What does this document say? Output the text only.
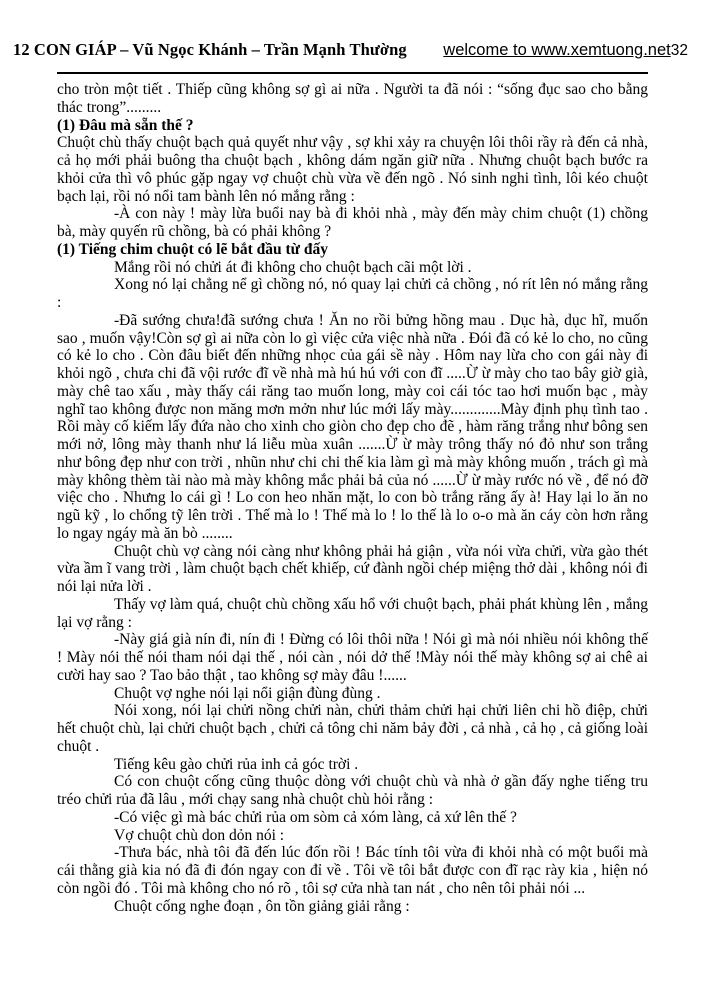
12 CON GIÁP – Vũ Ngọc Khánh – Trần Mạnh Thường welcome to www.xemtuong.net 32

cho tròn một tiết . Thiếp cũng không sợ gì ai nữa . Người ta đã nói : “sống đục sao cho bằng thác trong”.........

(1) Đâu mà sẵn thế ?

Chuột chù thấy chuột bạch quả quyết như vậy , sợ khi xảy ra chuyện lôi thôi rầy rà đến cả nhà, cả họ mới phải buông tha chuột bạch , không dám ngăn giữ nữa . Nhưng chuột bạch bước ra khỏi cửa thì vô phúc gặp ngay vợ chuột chù vừa về đến ngõ . Nó sinh nghi tình, lôi kéo chuột bạch lại, rồi nó nổi tam bành lên nó mắng rằng :

-À con này ! mày lừa buổi nay bà đi khỏi nhà , mày đến mày chim chuột (1) chồng bà, mày quyến rũ chồng, bà có phải không ?

(1) Tiếng chim chuột có lẽ bắt đầu từ đấy

Mắng rồi nó chửi át đi không cho chuột bạch cãi một lời .

Xong nó lại chẳng nể gì chồng nó, nó quay lại chửi cả chồng , nó rít lên nó mắng rằng :

-Đã sướng chưa!đã sướng chưa ! Ăn no rồi bửng hồng mau . Dục hà, dục hĩ, muốn sao , muốn vậy!Còn sợ gì ai nữa còn lo gì việc cửa việc nhà nữa . Đói đã có kẻ lo cho, no cũng có kẻ lo cho . Còn đâu biết đến những nhọc của gái sề này . Hôm nay lừa cho con gái này đi khỏi ngõ , chưa chi đã vội rước đĩ về nhà mà hú hú với con đĩ .....Ừ ừ mày cho tao bây giờ già, mày chê tao xấu , mày thấy cái răng tao muốn long, mày coi cái tóc tao hơi muốn bạc , mày nghĩ tao không được non măng mơn mởn như lúc mới lấy mày.............Mày định phụ tình tao . Rồi mày cố kiếm lấy đứa nào cho xinh cho giòn cho đẹp cho đẽ , hàm răng trắng như bông sen mới nở, lông mày thanh như lá liễu mùa xuân .......Ừ ừ mày trông thấy nó đỏ như son trắng như bông đẹp như con trời , nhũn như chi chi thế kia làm gì mà mày không muốn , trách gì mà mày không thèm tài nào mà mày không mắc phải bả của nó ......Ừ ừ mày rước nó về , để nó đỡ việc cho . Nhưng lo cái gì ! Lo con heo nhăn mặt, lo con bò trắng răng ấy à! Hay lại lo ăn no ngũ kỹ , lo chổng tỹ lên trời . Thế mà lo ! Thế mà lo ! lo thế là lo o-o mà ăn cáy còn hơn rằng lo ngay ngáy mà ăn bò ........

Chuột chù vợ càng nói càng như không phải hả giận , vừa nói vừa chửi, vừa gào thét vừa ầm ĩ vang trời , làm chuột bạch chết khiếp, cứ đành ngồi chép miệng thở dài , không nói đi nói lại nửa lời .

Thấy vợ làm quá, chuột chù chồng xấu hổ với chuột bạch, phải phát khùng lên , mắng lại vợ rằng :

-Này giá già nín đi, nín đi ! Đừng có lôi thôi nữa ! Nói gì mà nói nhiều nói không thế ! Mày nói thế nói tham nói dại thế , nói càn , nói dở thế !Mày nói thế mày không sợ ai chê ai cười hay sao ? Tao bảo thật , tao không sợ mày đâu !......

Chuột vợ nghe nói lại nổi giận đùng đùng .

Nói xong, nói lại chửi nồng chửi nàn, chửi thảm chửi hại chửi liên chi hồ điệp, chửi hết chuột chù, lại chửi chuột bạch , chửi cả tông chi năm bảy đời , cả nhà , cả họ , cả giống loài chuột .

Tiếng kêu gào chửi rủa inh cả góc trời .

Có con chuột cống cũng thuộc dòng với chuột chù và nhà ở gần đấy nghe tiếng tru tréo chửi rủa đã lâu , mới chạy sang nhà chuột chù hỏi rằng :

-Có việc gì mà bác chửi rủa om sòm cả xóm làng, cả xứ lên thế ?

Vợ chuột chù don dỏn nói :

-Thưa bác, nhà tôi đã đến lúc đốn rồi ! Bác tính tôi vừa đi khỏi nhà có một buổi mà cái thằng già kia nó đã đi đón ngay con đỉ về . Tôi về tôi bắt được con đĩ rạc rày kia , hiện nó còn ngồi đó . Tôi mà không cho nó rõ , tôi sợ cửa nhà tan nát , cho nên tôi phải nói ...

Chuột cống nghe đoạn , ôn tồn giảng giải rằng :
